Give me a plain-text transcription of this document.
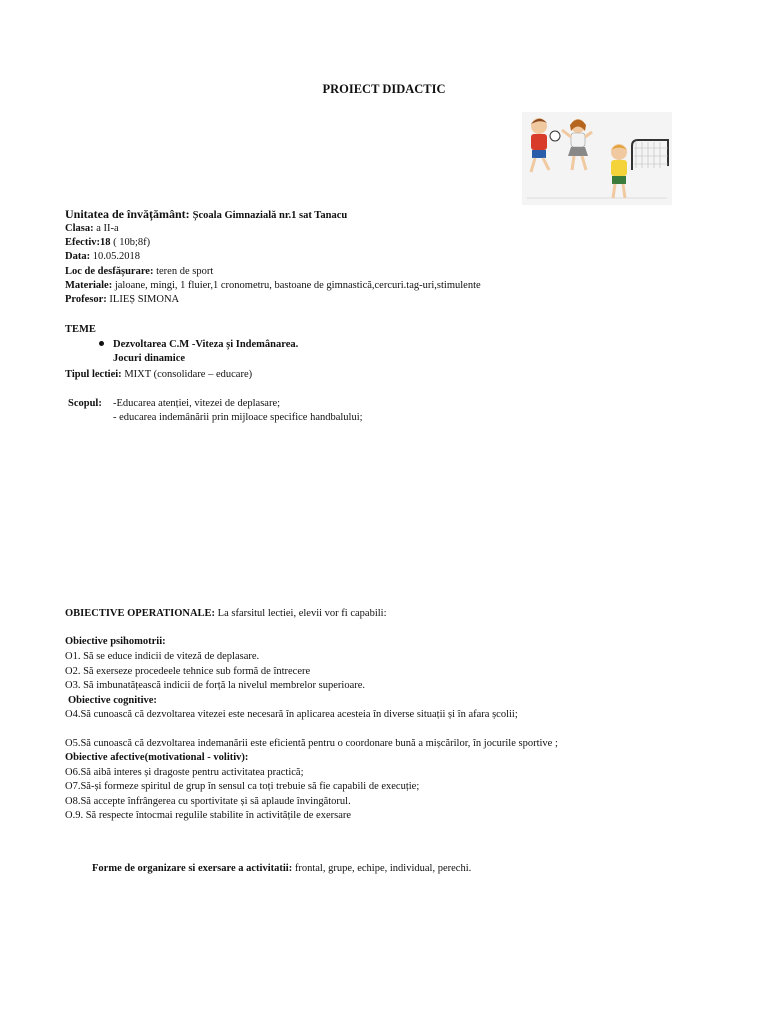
PROIECT DIDACTIC
Unitatea de învățământ: Școala Gimnazială nr.1 sat Tanacu
Clasa: a II-a
Efectiv:18 ( 10b;8f)
Data: 10.05.2018
Loc de desfășurare: teren de sport
Materiale: jaloane, mingi, 1 fluier,1 cronometru, bastoane de gimnastică,cercuri.tag-uri,stimulente
Profesor: ILIEȘ SIMONA
TEME
Dezvoltarea C.M -Viteza și Indemânarea.
Jocuri dinamice
Tipul lectiei: MIXT (consolidare – educare)
Scopul: -Educarea atenției, vitezei de deplasare;
- educarea indemânării prin mijloace specifice handbalului;
OBIECTIVE OPERATIONALE: La sfarsitul lectiei, elevii vor fi capabili:
Obiective psihomotrii:
O1. Să se educe indicii de viteză de deplasare.
O2. Să exerseze procedeele tehnice sub formă de întrecere
O3. Să imbunatățească indicii de forță la nivelul membrelor superioare.
Obiective cognitive:
O4.Să cunoască că dezvoltarea vitezei este necesară în aplicarea acesteia în diverse situații și în afara școlii;
O5.Să cunoască că dezvoltarea indemanării este eficientă pentru o coordonare bună a mișcărilor, în jocurile sportive ;
Obiective afective(motivational - volitiv):
O6.Să aibă interes și dragoste pentru activitatea practică;
O7.Să-și formeze spiritul de grup în sensul ca toți trebuie să fie capabili de execuție;
O8.Să accepte înfrângerea cu sportivitate și să aplaude învingătorul.
O.9. Să respecte întocmai regulile stabilite în activitățile de exersare
Forme de organizare si exersare a activitatii: frontal, grupe, echipe, individual, perechi.
